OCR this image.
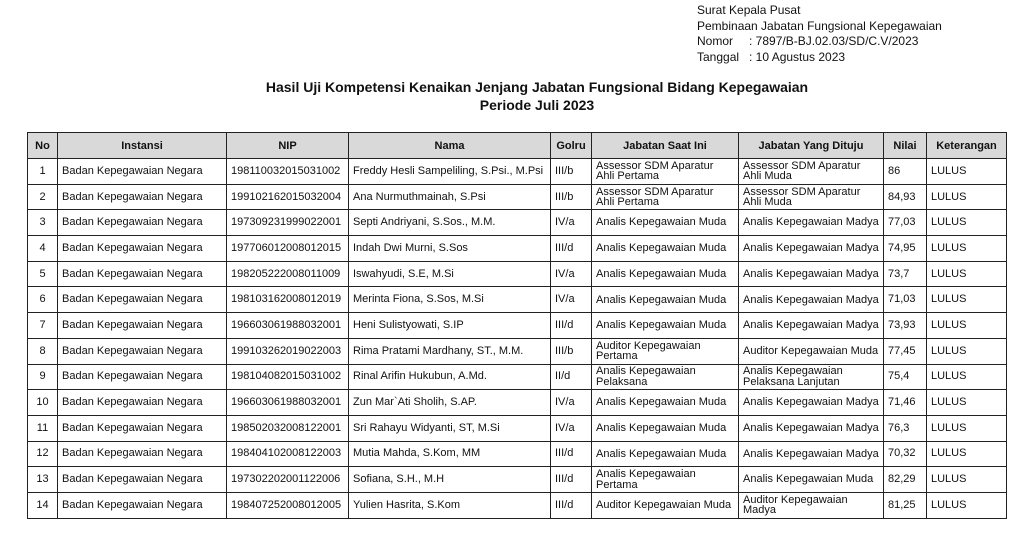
Surat Kepala Pusat
Pembinaan Jabatan Fungsional Kepegawaian
Nomor	: 7897/B-BJ.02.03/SD/C.V/2023
Tanggal : 10 Agustus 2023
Hasil Uji Kompetensi Kenaikan Jenjang Jabatan Fungsional Bidang Kepegawaian
Periode Juli 2023
No	Instansi	NIP	Nama	Golru	Jabatan Saat Ini	Jabatan Yang Dituju	Nilai	Keterangan
1	Badan Kepegawaian Negara	198110032015031002	Freddy Hesli Sampeliling, S.Psi., M.Psi	III/b	Assessor SDM Aparatur Ahli Pertama	Assessor SDM Aparatur Ahli Muda	86	LULUS
2	Badan Kepegawaian Negara	199102162015032004	Ana Nurmuthmainah, S.Psi	III/b	Assessor SDM Aparatur Ahli Pertama	Assessor SDM Aparatur Ahli Muda	84,93	LULUS
3	Badan Kepegawaian Negara	197309231999022001	Septi Andriyani, S.Sos., M.M.	IV/a	Analis Kepegawaian Muda	Analis Kepegawaian Madya	77,03	LULUS
4	Badan Kepegawaian Negara	197706012008012015	Indah Dwi Murni, S.Sos	III/d	Analis Kepegawaian Muda	Analis Kepegawaian Madya	74,95	LULUS
5	Badan Kepegawaian Negara	198205222008011009	Iswahyudi, S.E, M.Si	IV/a	Analis Kepegawaian Muda	Analis Kepegawaian Madya	73,7	LULUS
6	Badan Kepegawaian Negara	198103162008012019	Merinta Fiona, S.Sos, M.Si	IV/a	Analis Kepegawaian Muda	Analis Kepegawaian Madya	71,03	LULUS
7	Badan Kepegawaian Negara	196603061988032001	Heni Sulistyowati, S.IP	III/d	Analis Kepegawaian Muda	Analis Kepegawaian Madya	73,93	LULUS
8	Badan Kepegawaian Negara	199103262019022003	Rima Pratami Mardhany, ST., M.M.	III/b	Auditor Kepegawaian Pertama	Auditor Kepegawaian Muda	77,45	LULUS
9	Badan Kepegawaian Negara	198104082015031002	Rinal Arifin Hukubun, A.Md.	II/d	Analis Kepegawaian Pelaksana	Analis Kepegawaian Pelaksana Lanjutan	75,4	LULUS
10	Badan Kepegawaian Negara	196603061988032001	Zun Mar`Ati Sholih, S.AP.	IV/a	Analis Kepegawaian Muda	Analis Kepegawaian Madya	71,46	LULUS
11	Badan Kepegawaian Negara	198502032008122001	Sri Rahayu Widyanti, ST, M.Si	IV/a	Analis Kepegawaian Muda	Analis Kepegawaian Madya	76,3	LULUS
12	Badan Kepegawaian Negara	198404102008122003	Mutia Mahda, S.Kom, MM	III/d	Analis Kepegawaian Muda	Analis Kepegawaian Madya	70,32	LULUS
13	Badan Kepegawaian Negara	197302202001122006	Sofiana, S.H., M.H	III/d	Analis Kepegawaian Pertama	Analis Kepegawaian Muda	82,29	LULUS
14	Badan Kepegawaian Negara	198407252008012005	Yulien Hasrita, S.Kom	III/d	Auditor Kepegawaian Muda	Auditor Kepegawaian Madya	81,25	LULUS
